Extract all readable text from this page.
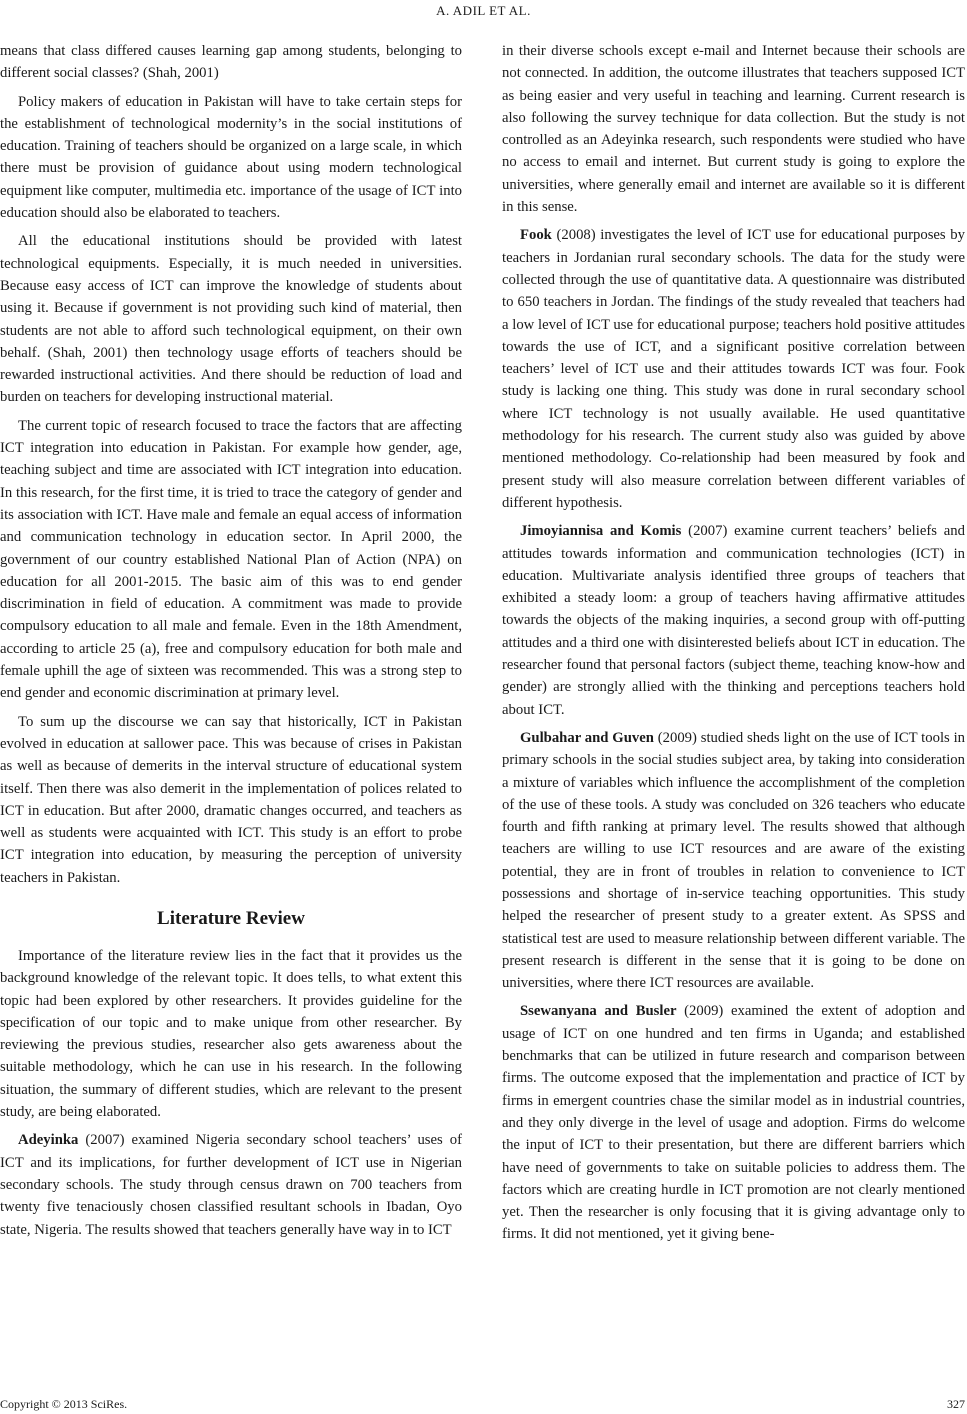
A. ADIL ET AL.

means that class differed causes learning gap among students, belonging to different social classes? (Shah, 2001)

Policy makers of education in Pakistan will have to take certain steps for the establishment of technological modernity’s in the social institutions of education. Training of teachers should be organized on a large scale, in which there must be provision of guidance about using modern technological equipment like computer, multimedia etc. importance of the usage of ICT into education should also be elaborated to teachers.

All the educational institutions should be provided with latest technological equipments. Especially, it is much needed in universities. Because easy access of ICT can improve the knowledge of students about using it. Because if government is not providing such kind of material, then students are not able to afford such technological equipment, on their own behalf. (Shah, 2001) then technology usage efforts of teachers should be rewarded instructional activities. And there should be reduction of load and burden on teachers for developing instructional material.

The current topic of research focused to trace the factors that are affecting ICT integration into education in Pakistan. For example how gender, age, teaching subject and time are associated with ICT integration into education. In this research, for the first time, it is tried to trace the category of gender and its association with ICT. Have male and female an equal access of information and communication technology in education sector. In April 2000, the government of our country established National Plan of Action (NPA) on education for all 2001-2015. The basic aim of this was to end gender discrimination in field of education. A commitment was made to provide compulsory education to all male and female. Even in the 18th Amendment, according to article 25 (a), free and compulsory education for both male and female uphill the age of sixteen was recommended. This was a strong step to end gender and economic discrimination at primary level.

To sum up the discourse we can say that historically, ICT in Pakistan evolved in education at sallower pace. This was because of crises in Pakistan as well as because of demerits in the interval structure of educational system itself. Then there was also demerit in the implementation of polices related to ICT in education. But after 2000, dramatic changes occurred, and teachers as well as students were acquainted with ICT. This study is an effort to probe ICT integration into education, by measuring the perception of university teachers in Pakistan.

Literature Review

Importance of the literature review lies in the fact that it provides us the background knowledge of the relevant topic. It does tells, to what extent this topic had been explored by other researchers. It provides guideline for the specification of our topic and to make unique from other researcher. By reviewing the previous studies, researcher also gets awareness about the suitable methodology, which he can use in his research. In the following situation, the summary of different studies, which are relevant to the present study, are being elaborated.

Adeyinka (2007) examined Nigeria secondary school teachers’ uses of ICT and its implications, for further development of ICT use in Nigerian secondary schools. The study through census drawn on 700 teachers from twenty five tenaciously chosen classified resultant schools in Ibadan, Oyo state, Nigeria. The results showed that teachers generally have way in to ICT

in their diverse schools except e-mail and Internet because their schools are not connected. In addition, the outcome illustrates that teachers supposed ICT as being easier and very useful in teaching and learning. Current research is also following the survey technique for data collection. But the study is not controlled as an Adeyinka research, such respondents were studied who have no access to email and internet. But current study is going to explore the universities, where generally email and internet are available so it is different in this sense.

Fook (2008) investigates the level of ICT use for educational purposes by teachers in Jordanian rural secondary schools. The data for the study were collected through the use of quantitative data. A questionnaire was distributed to 650 teachers in Jordan. The findings of the study revealed that teachers had a low level of ICT use for educational purpose; teachers hold positive attitudes towards the use of ICT, and a significant positive correlation between teachers’ level of ICT use and their attitudes towards ICT was four. Fook study is lacking one thing. This study was done in rural secondary school where ICT technology is not usually available. He used quantitative methodology for his research. The current study also was guided by above mentioned methodology. Co-relationship had been measured by fook and present study will also measure correlation between different variables of different hypothesis.

Jimoyiannisa and Komis (2007) examine current teachers’ beliefs and attitudes towards information and communication technologies (ICT) in education. Multivariate analysis identified three groups of teachers that exhibited a steady loom: a group of teachers having affirmative attitudes towards the objects of the making inquiries, a second group with off-putting attitudes and a third one with disinterested beliefs about ICT in education. The researcher found that personal factors (subject theme, teaching know-how and gender) are strongly allied with the thinking and perceptions teachers hold about ICT.

Gulbahar and Guven (2009) studied sheds light on the use of ICT tools in primary schools in the social studies subject area, by taking into consideration a mixture of variables which influence the accomplishment of the completion of the use of these tools. A study was concluded on 326 teachers who educate fourth and fifth ranking at primary level. The results showed that although teachers are willing to use ICT resources and are aware of the existing potential, they are in front of troubles in relation to convenience to ICT possessions and shortage of in-service teaching opportunities. This study helped the researcher of present study to a greater extent. As SPSS and statistical test are used to measure relationship between different variable. The present research is different in the sense that it is going to be done on universities, where there ICT resources are available.

Ssewanyana and Busler (2009) examined the extent of adoption and usage of ICT on one hundred and ten firms in Uganda; and established benchmarks that can be utilized in future research and comparison between firms. The outcome exposed that the implementation and practice of ICT by firms in emergent countries chase the similar model as in industrial countries, and they only diverge in the level of usage and adoption. Firms do welcome the input of ICT to their presentation, but there are different barriers which have need of governments to take on suitable policies to address them. The factors which are creating hurdle in ICT promotion are not clearly mentioned yet. Then the researcher is only focusing that it is giving advantage only to firms. It did not mentioned, yet it giving bene-

Copyright © 2013 SciRes.	327
